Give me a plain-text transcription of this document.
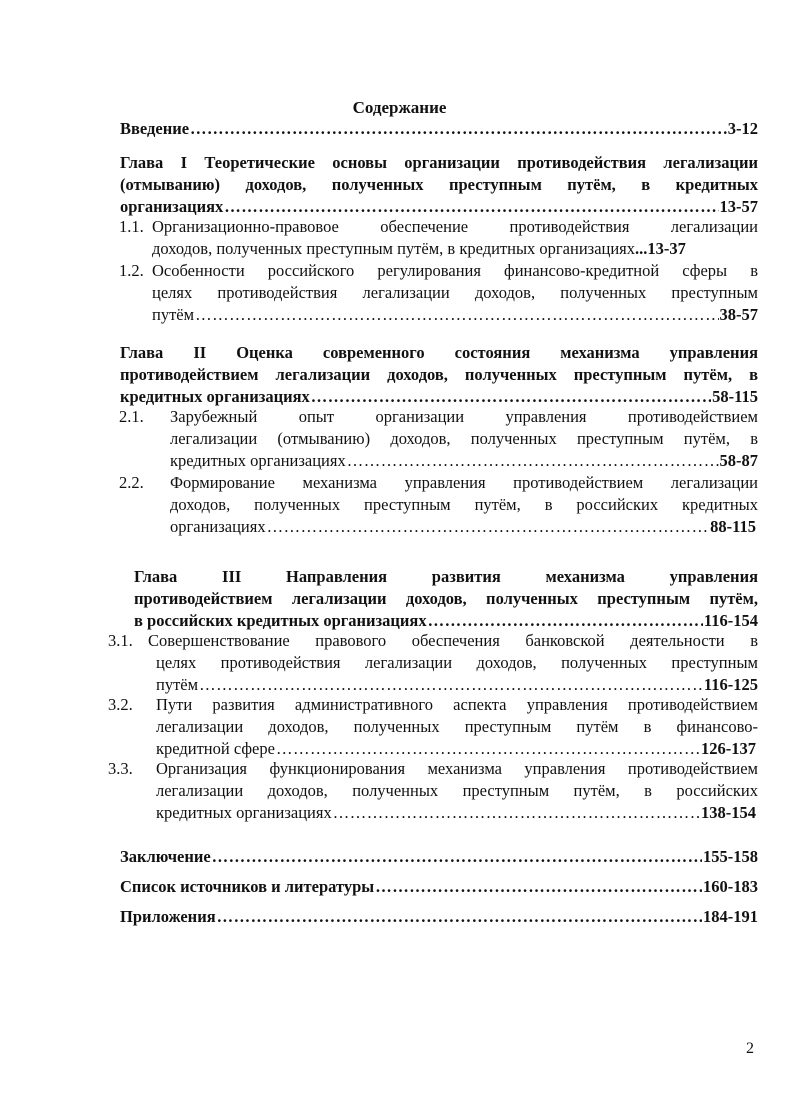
Содержание
Введение ……………………………………………………………………………………………………………………………………………………………………………………	3-12
Глава I Теоретические основы организации противодействия легализации
(отмыванию) доходов, полученных преступным путём, в кредитных
организациях ……………………………………………………………………………………………………………………………………………………………………………………	13-57
1.1. Организационно-правовое обеспечение противодействия легализации
доходов, полученных преступным путём, в кредитных организациях ...13-37
1.2. Особенности российского регулирования финансово-кредитной сферы в
целях противодействия легализации доходов, полученных преступным
путём ……………………………………………………………………………………………………………………………………………………………………………………	38-57
Глава II Оценка современного состояния механизма управления
противодействием легализации доходов, полученных преступным путём, в
кредитных организациях ……………………………………………………………………………………………………………………………………………………………………………………	58-115
2.1. Зарубежный опыт организации управления противодействием
легализации (отмыванию) доходов, полученных преступным путём, в
кредитных организациях ……………………………………………………………………………………………………………………………………………………………………………………	58-87
2.2. Формирование механизма управления противодействием легализации
доходов, полученных преступным путём, в российских кредитных
организациях ……………………………………………………………………………………………………………………………………………………………………………………	88-115
Глава III Направления развития механизма управления
противодействием легализации доходов, полученных преступным путём,
в российских кредитных организациях ……………………………………………………………………………………………………………………………………………………………………………………	116-154
3.1. Совершенствование правового обеспечения банковской деятельности в
целях противодействия легализации доходов, полученных преступным
путём ……………………………………………………………………………………………………………………………………………………………………………………	116-125
3.2. Пути развития административного аспекта управления противодействием
легализации доходов, полученных преступным путём в финансово-
кредитной сфере ……………………………………………………………………………………………………………………………………………………………………………………	126-137
3.3. Организация функционирования механизма управления противодействием
легализации доходов, полученных преступным путём, в российских
кредитных организациях ……………………………………………………………………………………………………………………………………………………………………………………	138-154
Заключение ……………………………………………………………………………………………………………………………………………………………………………………	155-158
Список источников и литературы ……………………………………………………………………………………………………………………………………………………………………………………	160-183
Приложения ……………………………………………………………………………………………………………………………………………………………………………………	184-191
2
